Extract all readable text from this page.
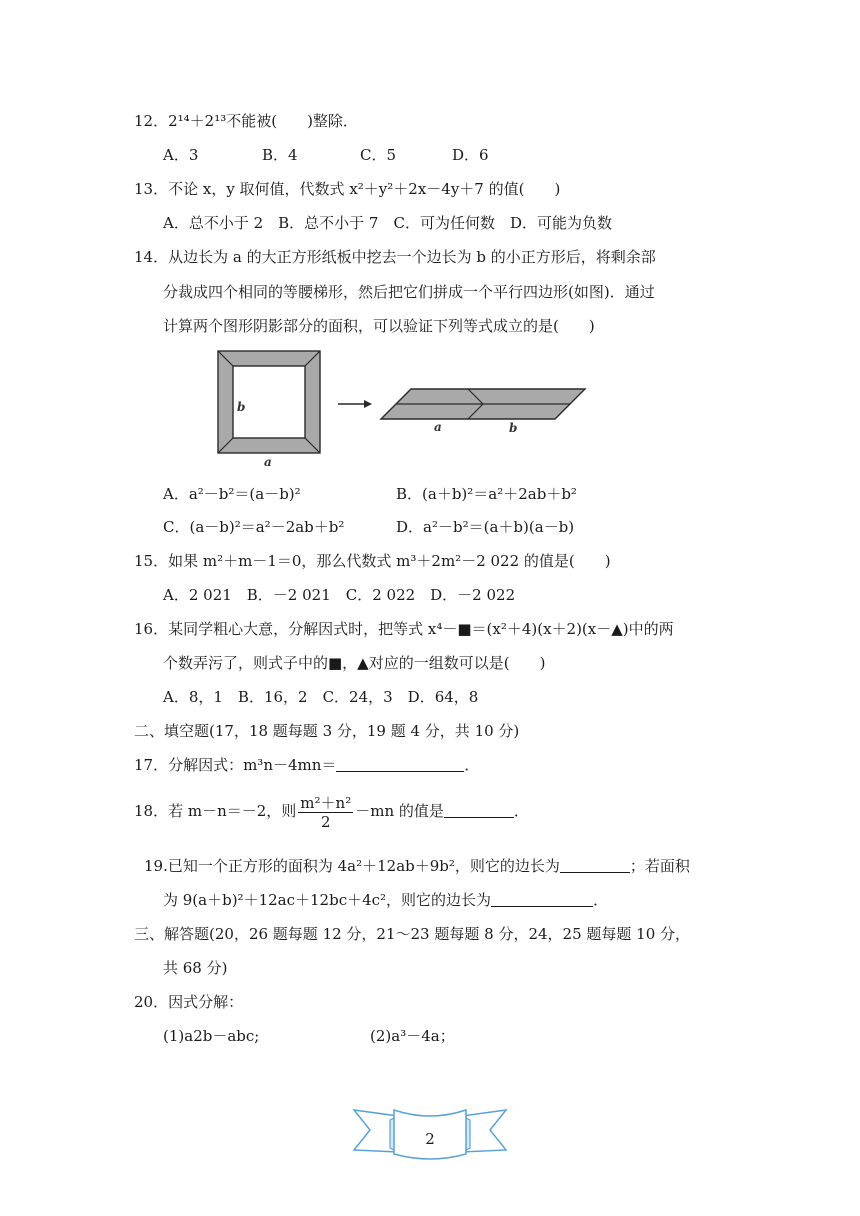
12．2¹⁴＋2¹³不能被(　　)整除．
A．3	B．4	C．5	D．6
13．不论 x，y 取何值，代数式 x²＋y²＋2x－4y＋7 的值(　　)
A．总不小于 2　B．总不小于 7　C．可为任何数　D．可能为负数
14．从边长为 a 的大正方形纸板中挖去一个边长为 b 的小正方形后，将剩余部
分裁成四个相同的等腰梯形，然后把它们拼成一个平行四边形(如图)．通过
计算两个图形阴影部分的面积，可以验证下列等式成立的是(　　)
b
a
a	b
A．a²－b²＝(a－b)²	B．(a＋b)²＝a²＋2ab＋b²
C．(a－b)²＝a²－2ab＋b²	D．a²－b²＝(a＋b)(a－b)
15．如果 m²＋m－1＝0，那么代数式 m³＋2m²－2 022 的值是(　　)
A．2 021　B．－2 021　C．2 022　D．－2 022
16．某同学粗心大意，分解因式时，把等式 x⁴－■＝(x²＋4)(x＋2)(x－▲)中的两
个数弄污了，则式子中的■，▲对应的一组数可以是(　　)
A．8，1　B．16，2　C．24，3　D．64，8
二、填空题(17，18 题每题 3 分，19 题 4 分，共 10 分)
17．分解因式：m³n－4mn＝	．
18．若 m－n＝－2，则 $\frac{\text{m²＋n²}}{2} -mn$ 的值是	．
19.已知一个正方形的面积为 4a²＋12ab＋9b²，则它的边长为	；若面积
为 9(a＋b)²＋12ac＋12bc＋4c²，则它的边长为	．
三、解答题(20，26 题每题 12 分，21～23 题每题 8 分，24，25 题每题 10 分，
共 68 分)
20．因式分解：
(1)a2b－abc;	(2)a³－4a；
2
